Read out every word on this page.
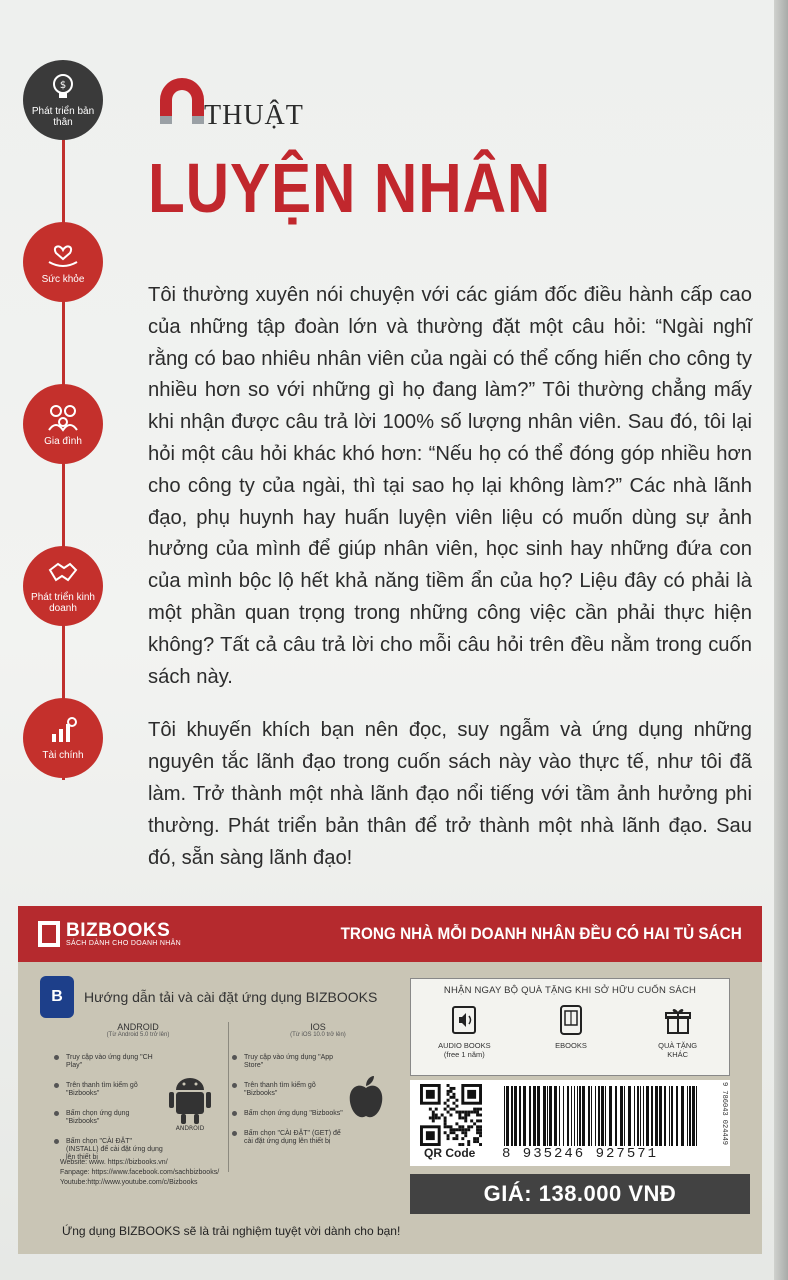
$
Phát triển bản thân
Sức khỏe
Gia đình
Phát triển kinh doanh
Tài chính
THUẬT
LUYỆN NHÂN

Tôi thường xuyên nói chuyện với các giám đốc điều hành cấp cao của những tập đoàn lớn và thường đặt một câu hỏi: “Ngài nghĩ rằng có bao nhiêu nhân viên của ngài có thể cống hiến cho công ty nhiều hơn so với những gì họ đang làm?” Tôi thường chẳng mấy khi nhận được câu trả lời 100% số lượng nhân viên. Sau đó, tôi lại hỏi một câu hỏi khác khó hơn: “Nếu họ có thể đóng góp nhiều hơn cho công ty của ngài, thì tại sao họ lại không làm?” Các nhà lãnh đạo, phụ huynh hay huấn luyện viên liệu có muốn dùng sự ảnh hưởng của mình để giúp nhân viên, học sinh hay những đứa con của mình bộc lộ hết khả năng tiềm ẩn của họ? Liệu đây có phải là một phần quan trọng trong những công việc cần phải thực hiện không? Tất cả câu trả lời cho mỗi câu hỏi trên đều nằm trong cuốn sách này.

Tôi khuyến khích bạn nên đọc, suy ngẫm và ứng dụng những nguyên tắc lãnh đạo trong cuốn sách này vào thực tế, như tôi đã làm. Trở thành một nhà lãnh đạo nổi tiếng với tầm ảnh hưởng phi thường. Phát triển bản thân để trở thành một nhà lãnh đạo. Sau đó, sẵn sàng lãnh đạo!

BIZBOOKS
SÁCH DÀNH CHO DOANH NHÂN
TRONG NHÀ MỖI DOANH NHÂN ĐỀU CÓ HAI TỦ SÁCH
B	Hướng dẫn tải và cài đặt ứng dụng BIZBOOKS
ANDROID
(Từ Android 5.0 trở lên)
Truy cập vào ứng dụng "CH Play"
Trên thanh tìm kiếm gõ "Bizbooks"
Bấm chọn ứng dụng "Bizbooks"
Bấm chọn "CÀI ĐẶT" (INSTALL) để cài đặt ứng dụng lên thiết bị
ANDROID
IOS
(Từ iOS 10.0 trở lên)
Truy cập vào ứng dụng "App Store"
Trên thanh tìm kiếm gõ "Bizbooks"
Bấm chọn ứng dụng "Bizbooks"
Bấm chọn "CÀI ĐẶT" (GET) để cài đặt ứng dụng lên thiết bị
Website: www. https://bizbooks.vn/
Fanpage: https://www.facebook.com/sachbizbooks/
Youtube:http://www.youtube.com/c/Bizbooks
Ứng dụng BIZBOOKS sẽ là trải nghiệm tuyệt vời dành cho bạn!
NHẬN NGAY BỘ QUÀ TẶNG KHI SỞ HỮU CUỐN SÁCH
AUDIO BOOKS
(free 1 năm)
EBOOKS	QUÀ TẶNG
KHÁC
QR Code 8 935246 927571
9 786043 024449
GIÁ: 138.000 VNĐ
